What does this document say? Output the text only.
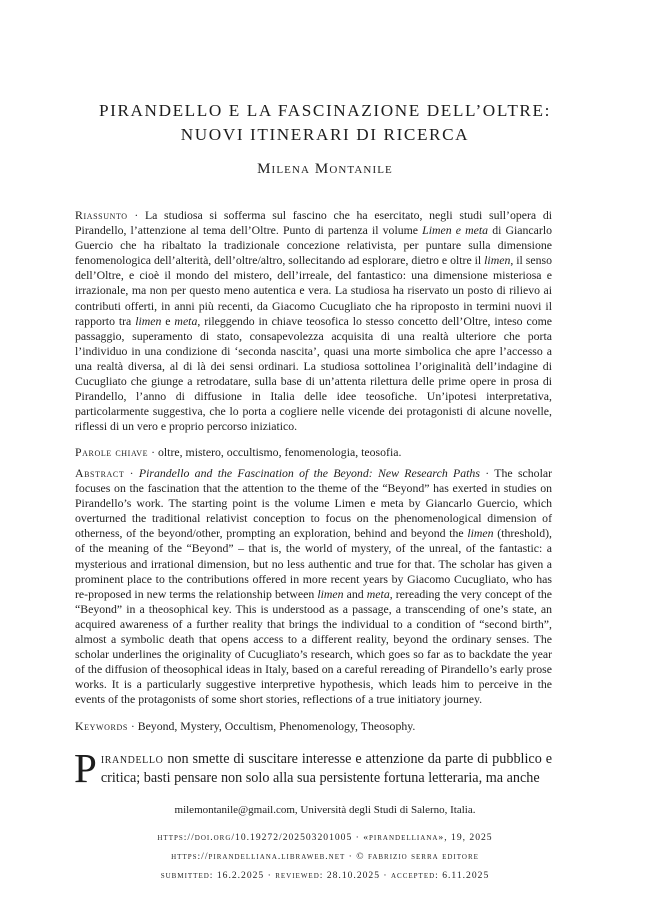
PIRANDELLO E LA FASCINAZIONE DELL’OLTRE:
NUOVI ITINERARI DI RICERCA

Milena Montanile

Riassunto · La studiosa si sofferma sul fascino che ha esercitato, negli studi sull’opera di Pirandello, l’attenzione al tema dell’Oltre. Punto di partenza il volume Limen e meta di Giancarlo Guercio che ha ribaltato la tradizionale concezione relativista, per puntare sulla dimensione fenomenologica dell’alterità, dell’oltre/altro, sollecitando ad esplorare, dietro e oltre il limen, il senso dell’Oltre, e cioè il mondo del mistero, dell’irreale, del fantastico: una dimensione misteriosa e irrazionale, ma non per questo meno autentica e vera. La studiosa ha riservato un posto di rilievo ai contributi offerti, in anni più recenti, da Giacomo Cucugliato che ha riproposto in termini nuovi il rapporto tra limen e meta, rileggendo in chiave teosofica lo stesso concetto dell’Oltre, inteso come passaggio, superamento di stato, consapevolezza acquisita di una realtà ulteriore che porta l’individuo in una condizione di ‘seconda nascita’, quasi una morte simbolica che apre l’accesso a una realtà diversa, al di là dei sensi ordinari. La studiosa sottolinea l’originalità dell’indagine di Cucugliato che giunge a retrodatare, sulla base di un’attenta rilettura delle prime opere in prosa di Pirandello, l’anno di diffusione in Italia delle idee teosofiche. Un’ipotesi interpretativa, particolarmente suggestiva, che lo porta a cogliere nelle vicende dei protagonisti di alcune novelle, riflessi di un vero e proprio percorso iniziatico.

Parole chiave · oltre, mistero, occultismo, fenomenologia, teosofia.

Abstract · Pirandello and the Fascination of the Beyond: New Research Paths · The scholar focuses on the fascination that the attention to the theme of the “Beyond” has exerted in studies on Pirandello’s work. The starting point is the volume Limen e meta by Giancarlo Guercio, which overturned the traditional relativist conception to focus on the phenomenological dimension of otherness, of the beyond/other, prompting an exploration, behind and beyond the limen (threshold), of the meaning of the “Beyond” – that is, the world of mystery, of the unreal, of the fantastic: a mysterious and irrational dimension, but no less authentic and true for that. The scholar has given a prominent place to the contributions offered in more recent years by Giacomo Cucugliato, who has re-proposed in new terms the relationship between limen and meta, rereading the very concept of the “Beyond” in a theosophical key. This is understood as a passage, a transcending of one’s state, an acquired awareness of a further reality that brings the individual to a condition of “second birth”, almost a symbolic death that opens access to a different reality, beyond the ordinary senses. The scholar underlines the originality of Cucugliato’s research, which goes so far as to backdate the year of the diffusion of theosophical ideas in Italy, based on a careful rereading of Pirandello’s early prose works. It is a particularly suggestive interpretive hypothesis, which leads him to perceive in the events of the protagonists of some short stories, reflections of a true initiatory journey.

Keywords · Beyond, Mystery, Occultism, Phenomenology, Theosophy.

Pirandello non smette di suscitare interesse e attenzione da parte di pubblico e critica; basti pensare non solo alla sua persistente fortuna letteraria, ma anche

milemontanile@gmail.com, Università degli Studi di Salerno, Italia.

https://doi.org/10.19272/202503201005 · «pirandelliana», 19, 2025

https://pirandelliana.libraweb.net · © fabrizio serra editore

submitted: 16.2.2025 · reviewed: 28.10.2025 · accepted: 6.11.2025
